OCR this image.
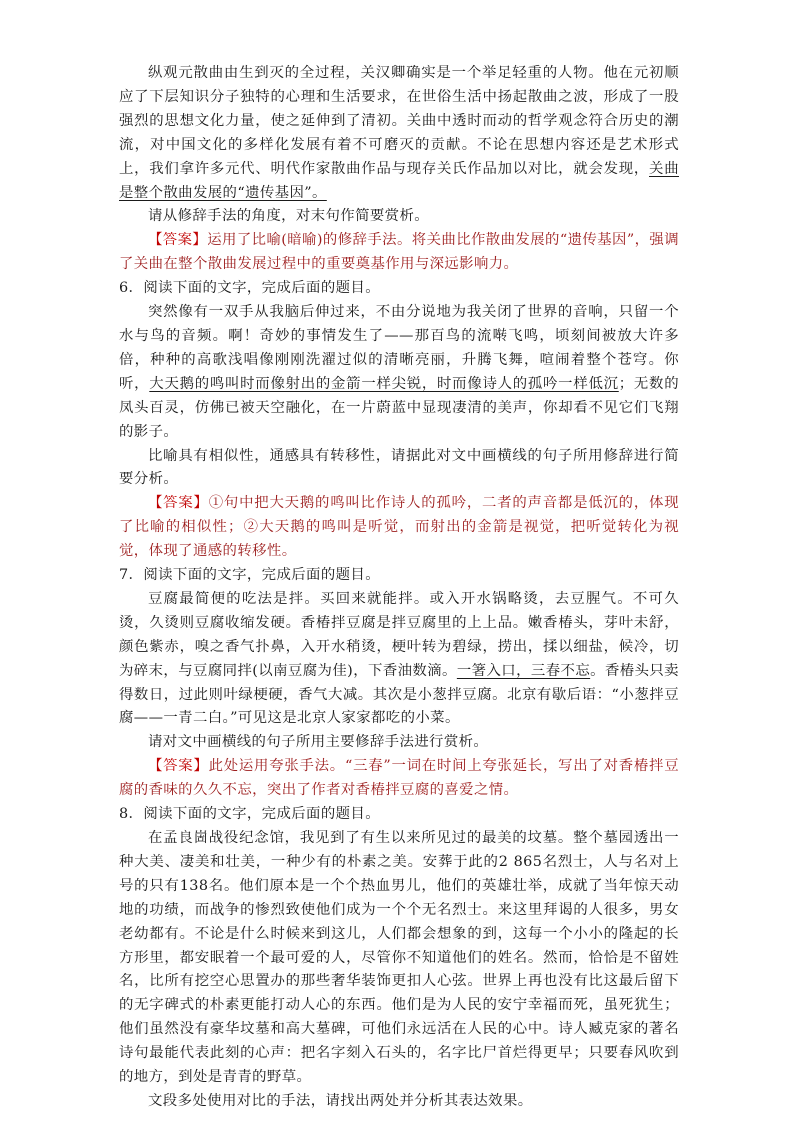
纵观元散曲由生到灭的全过程，关汉卿确实是一个举足轻重的人物。他在元初顺应了下层知识分子独特的心理和生活要求，在世俗生活中扬起散曲之波，形成了一股强烈的思想文化力量，使之延伸到了清初。关曲中透时而动的哲学观念符合历史的潮流，对中国文化的多样化发展有着不可磨灭的贡献。不论在思想内容还是艺术形式上，我们拿许多元代、明代作家散曲作品与现存关氏作品加以对比，就会发现，关曲是整个散曲发展的“遗传基因”。

请从修辞手法的角度，对末句作简要赏析。

【答案】运用了比喻(暗喻)的修辞手法。将关曲比作散曲发展的“遗传基因”，强调了关曲在整个散曲发展过程中的重要奠基作用与深远影响力。

6．阅读下面的文字，完成后面的题目。

突然像有一双手从我脑后伸过来，不由分说地为我关闭了世界的音响，只留一个水与鸟的音频。啊！奇妙的事情发生了——那百鸟的流啭飞鸣，顷刻间被放大许多倍，种种的高歌浅唱像刚刚洗濯过似的清晰亮丽，升腾飞舞，喧闹着整个苍穹。你听，大天鹅的鸣叫时而像射出的金箭一样尖锐，时而像诗人的孤吟一样低沉；无数的凤头百灵，仿佛已被天空融化，在一片蔚蓝中显现凄清的美声，你却看不见它们飞翔的影子。

比喻具有相似性，通感具有转移性，请据此对文中画横线的句子所用修辞进行简要分析。

【答案】①句中把大天鹅的鸣叫比作诗人的孤吟，二者的声音都是低沉的，体现了比喻的相似性；②大天鹅的鸣叫是听觉，而射出的金箭是视觉，把听觉转化为视觉，体现了通感的转移性。

7．阅读下面的文字，完成后面的题目。

豆腐最简便的吃法是拌。买回来就能拌。或入开水锅略烫，去豆腥气。不可久烫，久烫则豆腐收缩发硬。香椿拌豆腐是拌豆腐里的上上品。嫩香椿头，芽叶未舒，颜色紫赤，嗅之香气扑鼻，入开水稍烫，梗叶转为碧绿，捞出，揉以细盐，候冷，切为碎末，与豆腐同拌(以南豆腐为佳)，下香油数滴。一箸入口，三春不忘。香椿头只卖得数日，过此则叶绿梗硬，香气大减。其次是小葱拌豆腐。北京有歇后语：“小葱拌豆腐——一青二白。”可见这是北京人家家都吃的小菜。

请对文中画横线的句子所用主要修辞手法进行赏析。

【答案】此处运用夸张手法。“三春”一词在时间上夸张延长，写出了对香椿拌豆腐的香味的久久不忘，突出了作者对香椿拌豆腐的喜爱之情。

8．阅读下面的文字，完成后面的题目。

在孟良崮战役纪念馆，我见到了有生以来所见过的最美的坟墓。整个墓园透出一种大美、凄美和壮美，一种少有的朴素之美。安葬于此的2 865名烈士，人与名对上号的只有138名。他们原本是一个个热血男儿，他们的英雄壮举，成就了当年惊天动地的功绩，而战争的惨烈致使他们成为一个个无名烈士。来这里拜谒的人很多，男女老幼都有。不论是什么时候来到这儿，人们都会想象的到，这每一个小小的隆起的长方形里，都安眠着一个最可爱的人，尽管你不知道他们的姓名。然而，恰恰是不留姓名，比所有挖空心思置办的那些奢华装饰更扣人心弦。世界上再也没有比这最后留下的无字碑式的朴素更能打动人心的东西。他们是为人民的安宁幸福而死，虽死犹生；他们虽然没有豪华坟墓和高大墓碑，可他们永远活在人民的心中。诗人臧克家的著名诗句最能代表此刻的心声：把名字刻入石头的，名字比尸首烂得更早；只要春风吹到的地方，到处是青青的野草。

文段多处使用对比的手法，请找出两处并分析其表达效果。
